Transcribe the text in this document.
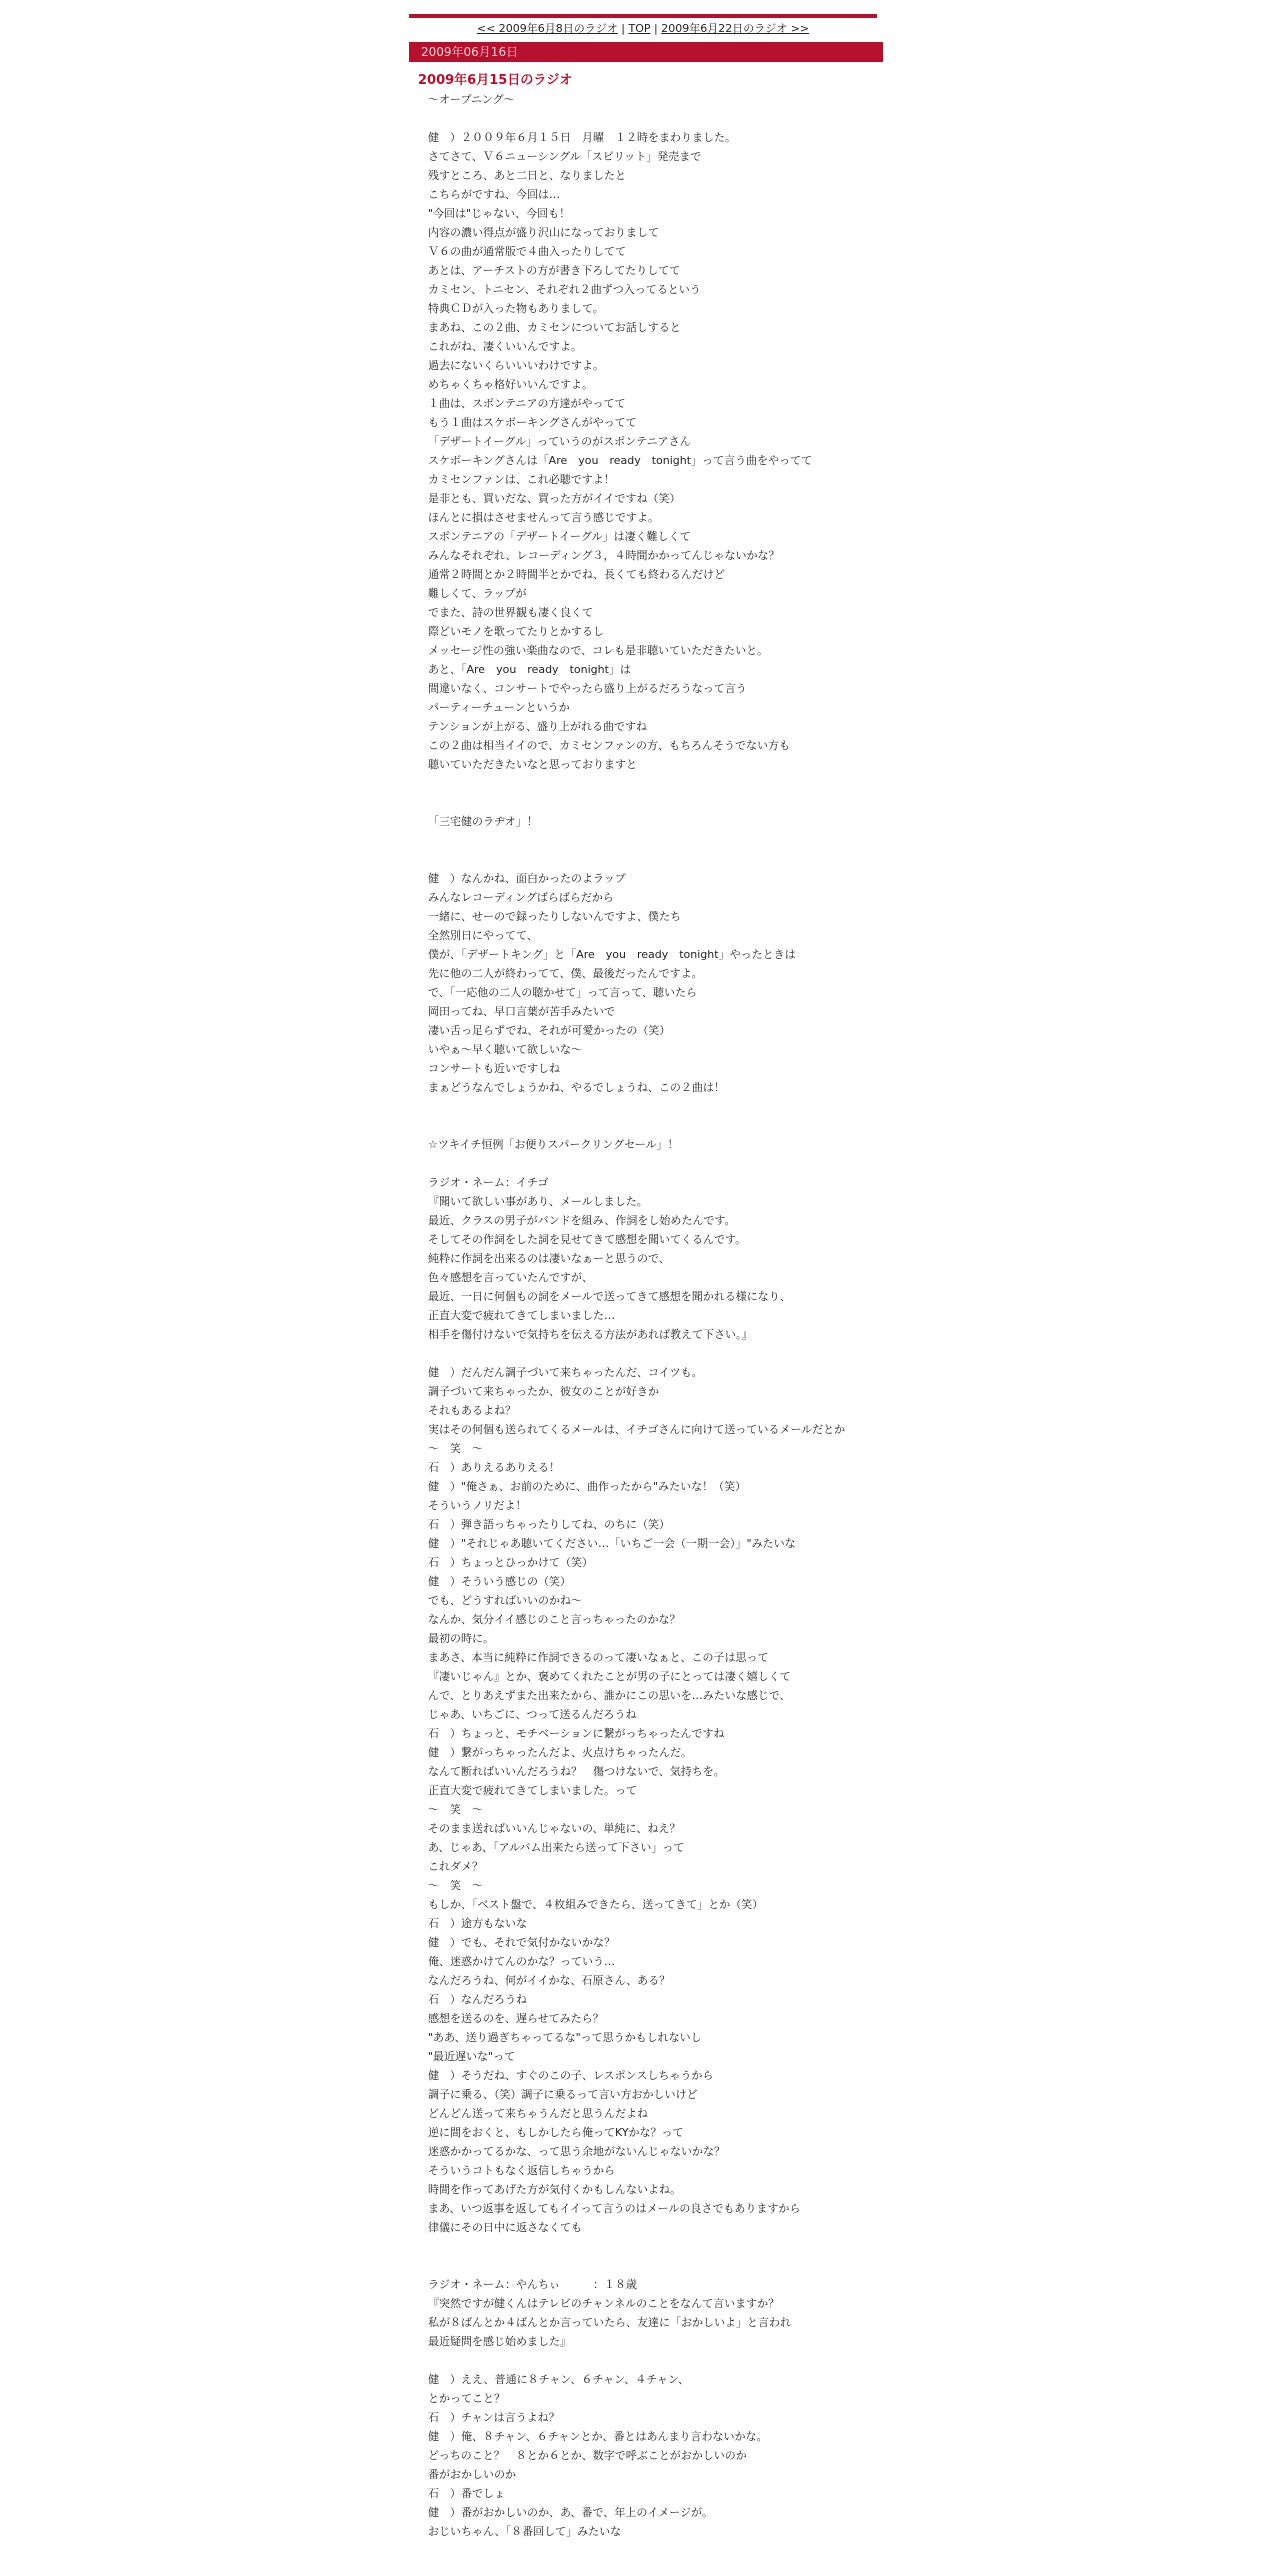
<< 2009年6月8日のラジオ | TOP | 2009年6月22日のラジオ >>
2009年06月16日
2009年6月15日のラジオ
～オープニング～
健　）２００９年６月１５日　月曜　１２時をまわりました。
さてさて、Ｖ６ニューシングル「スピリット」発売まで
残すところ、あと二日と、なりましたと
こちらがですね、今回は…
"今回は"じゃない、今回も！
内容の濃い得点が盛り沢山になっておりまして
Ｖ６の曲が通常版で４曲入ったりしてて
あとは、アーチストの方が書き下ろしてたりしてて
カミセン、トニセン、それぞれ２曲ずつ入ってるという
特典ＣＤが入った物もありまして。
まあね、この２曲、カミセンについてお話しすると
これがね、凄くいいんですよ。
過去にないくらいいいわけですよ。
めちゃくちゃ格好いいんですよ。
１曲は、スポンテニアの方達がやってて
もう１曲はスケボーキングさんがやってて
「デザートイーグル」っていうのがスポンテニアさん
スケボーキングさんは「Are　you　ready　tonight」って言う曲をやってて
カミセンファンは、これ必聴ですよ！
是非とも、買いだな、買った方がイイですね（笑）
ほんとに損はさせませんって言う感じですよ。
スポンテニアの「デザートイーグル」は凄く難しくて
みんなそれぞれ、レコーディング３，４時間かかってんじゃないかな？
通常２時間とか２時間半とかでね、長くても終わるんだけど
難しくて、ラップが
でまた、詩の世界観も凄く良くて
際どいモノを歌ってたりとかするし
メッセージ性の強い楽曲なので、コレも是非聴いていただきたいと。
あと、「Are　you　ready　tonight」は
間違いなく、コンサートでやったら盛り上がるだろうなって言う
パーティーチューンというか
テンションが上がる、盛り上がれる曲ですね
この２曲は相当イイので、カミセンファンの方、もちろんそうでない方も
聴いていただきたいなと思っておりますと
「三宅健のラヂオ」！
健　）なんかね、面白かったのよラップ
みんなレコーディングばらばらだから
一緒に、せーので録ったりしないんですよ、僕たち
全然別日にやってて、
僕が、「デザートキング」と「Are　you　ready　tonight」やったときは
先に他の二人が終わってて、僕、最後だったんですよ。
で、「一応他の二人の聴かせて」って言って、聴いたら
岡田ってね、早口言葉が苦手みたいで
凄い舌っ足らずでね、それが可愛かったの（笑）
いやぁ～早く聴いて欲しいな～
コンサートも近いですしね
まぁどうなんでしょうかね、やるでしょうね、この２曲は！
☆ツキイチ恒例「お便りスパークリングセール」！
ラジオ・ネーム：イチゴ
『聞いて欲しい事があり、メールしました。
最近、クラスの男子がバンドを組み、作詞をし始めたんです。
そしてその作詞をした詞を見せてきて感想を聞いてくるんです。
純粋に作詞を出来るのは凄いなぁーと思うので、
色々感想を言っていたんですが、
最近、一日に何個もの詞をメールで送ってきて感想を聞かれる様になり、
正直大変で疲れてきてしまいました…
相手を傷付けないで気持ちを伝える方法があれば教えて下さい。』
健　）だんだん調子づいて来ちゃったんだ、コイツも。
調子づいて来ちゃったか、彼女のことが好きか
それもあるよね？
実はその何個も送られてくるメールは、イチゴさんに向けて送っているメールだとか
～　笑　～
石　）ありえるありえる！
健　）"俺さぁ、お前のために、曲作ったから"みたいな！（笑）
そういうノリだよ！
石　）弾き語っちゃったりしてね、のちに（笑）
健　）"それじゃあ聴いてください…「いちご一会（一期一会）」"みたいな
石　）ちょっとひっかけて（笑）
健　）そういう感じの（笑）
でも、どうすればいいのかね～
なんか、気分イイ感じのこと言っちゃったのかな？
最初の時に。
まあさ、本当に純粋に作詞できるのって凄いなぁと、この子は思って
『凄いじゃん』とか、褒めてくれたことが男の子にとっては凄く嬉しくて
んで、とりあえずまた出来たから、誰かにこの思いを…みたいな感じで、
じゃあ、いちごに、つって送るんだろうね
石　）ちょっと、モチベーションに繋がっちゃったんですね
健　）繋がっちゃったんだよ、火点けちゃったんだ。
なんて断ればいいんだろうね？　傷つけないで、気持ちを。
正直大変で疲れてきてしまいました。って
～　笑　～
そのまま送ればいいんじゃないの、単純に、ねえ？
あ、じゃあ、「アルバム出来たら送って下さい」って
これダメ？
～　笑　～
もしか、「ベスト盤で、４枚組みできたら、送ってきて」とか（笑）
石　）途方もないな
健　）でも、それで気付かないかな？
俺、迷惑かけてんのかな？っていう…
なんだろうね、何がイイかな、石原さん、ある？
石　）なんだろうね
感想を送るのを、遅らせてみたら？
"ああ、送り過ぎちゃってるな"って思うかもしれないし
"最近遅いな"って
健　）そうだね、すぐのこの子、レスポンスしちゃうから
調子に乗る、（笑）調子に乗るって言い方おかしいけど
どんどん送って来ちゃうんだと思うんだよね
逆に間をおくと、もしかしたら俺ってKYかな？って
迷惑かかってるかな、って思う余地がないんじゃないかな？
そういうコトもなく返信しちゃうから
時間を作ってあげた方が気付くかもしんないよね。
まあ、いつ返事を返してもイイって言うのはメールの良さでもありますから
律儀にその日中に返さなくても
ラジオ・ネーム：やんちぃ　　　：１８歳
『突然ですが健くんはテレビのチャンネルのことをなんて言いますか？
私が８ばんとか４ばんとか言っていたら、友達に「おかしいよ」と言われ
最近疑問を感じ始めました』
健　）ええ、普通に８チャン、６チャン、４チャン、
とかってこと？
石　）チャンは言うよね？
健　）俺、８チャン、６チャンとか、番とはあんまり言わないかな。
どっちのこと？　８とか６とか、数字で呼ぶことがおかしいのか
番がおかしいのか
石　）番でしょ
健　）番がおかしいのか、あ、番で、年上のイメージが。
おじいちゃん、「８番回して」みたいな
